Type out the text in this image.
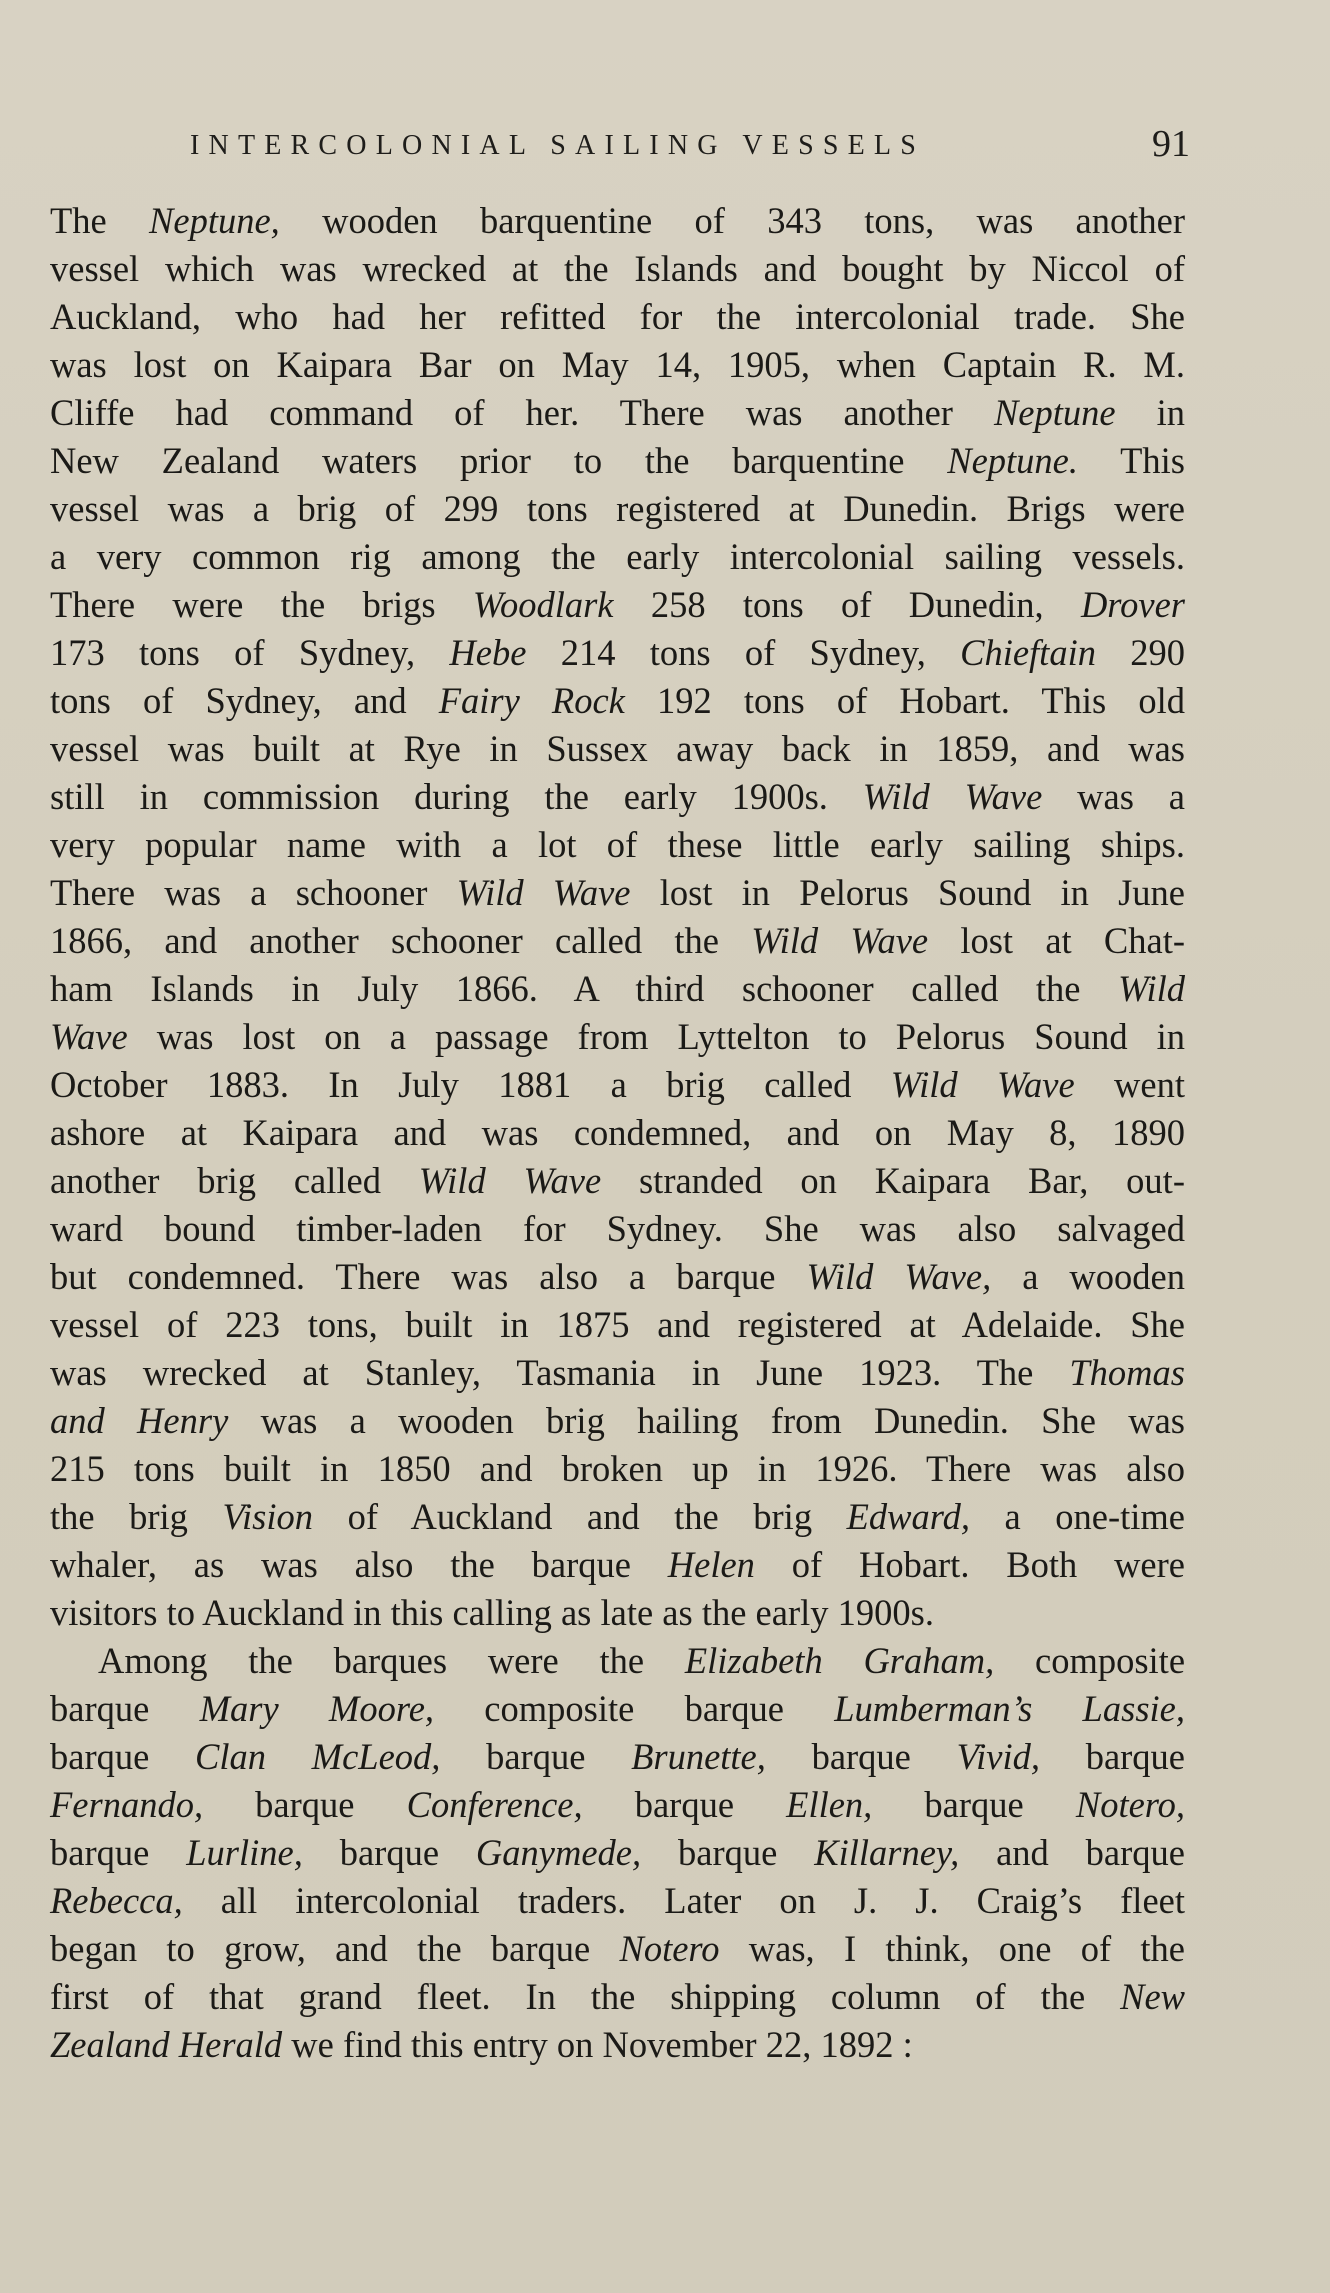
INTERCOLONIAL SAILING VESSELS	91
The Neptune, wooden barquentine of 343 tons, was another
vessel which was wrecked at the Islands and bought by Niccol of
Auckland, who had her refitted for the intercolonial trade. She
was lost on Kaipara Bar on May 14, 1905, when Captain R. M.
Cliffe had command of her. There was another Neptune in
New Zealand waters prior to the barquentine Neptune. This
vessel was a brig of 299 tons registered at Dunedin. Brigs were
a very common rig among the early intercolonial sailing vessels.
There were the brigs Woodlark 258 tons of Dunedin, Drover
173 tons of Sydney, Hebe 214 tons of Sydney, Chieftain 290
tons of Sydney, and Fairy Rock 192 tons of Hobart. This old
vessel was built at Rye in Sussex away back in 1859, and was
still in commission during the early 1900s. Wild Wave was a
very popular name with a lot of these little early sailing ships.
There was a schooner Wild Wave lost in Pelorus Sound in June
1866, and another schooner called the Wild Wave lost at Chat-
ham Islands in July 1866. A third schooner called the Wild
Wave was lost on a passage from Lyttelton to Pelorus Sound in
October 1883. In July 1881 a brig called Wild Wave went
ashore at Kaipara and was condemned, and on May 8, 1890
another brig called Wild Wave stranded on Kaipara Bar, out-
ward bound timber-laden for Sydney. She was also salvaged
but condemned. There was also a barque Wild Wave, a wooden
vessel of 223 tons, built in 1875 and registered at Adelaide. She
was wrecked at Stanley, Tasmania in June 1923. The Thomas
and Henry was a wooden brig hailing from Dunedin. She was
215 tons built in 1850 and broken up in 1926. There was also
the brig Vision of Auckland and the brig Edward, a one-time
whaler, as was also the barque Helen of Hobart. Both were
visitors to Auckland in this calling as late as the early 1900s.
Among the barques were the Elizabeth Graham, composite
barque Mary Moore, composite barque Lumberman’s Lassie,
barque Clan McLeod, barque Brunette, barque Vivid, barque
Fernando, barque Conference, barque Ellen, barque Notero,
barque Lurline, barque Ganymede, barque Killarney, and barque
Rebecca, all intercolonial traders. Later on J. J. Craig’s fleet
began to grow, and the barque Notero was, I think, one of the
first of that grand fleet. In the shipping column of the New
Zealand Herald we find this entry on November 22, 1892 :
